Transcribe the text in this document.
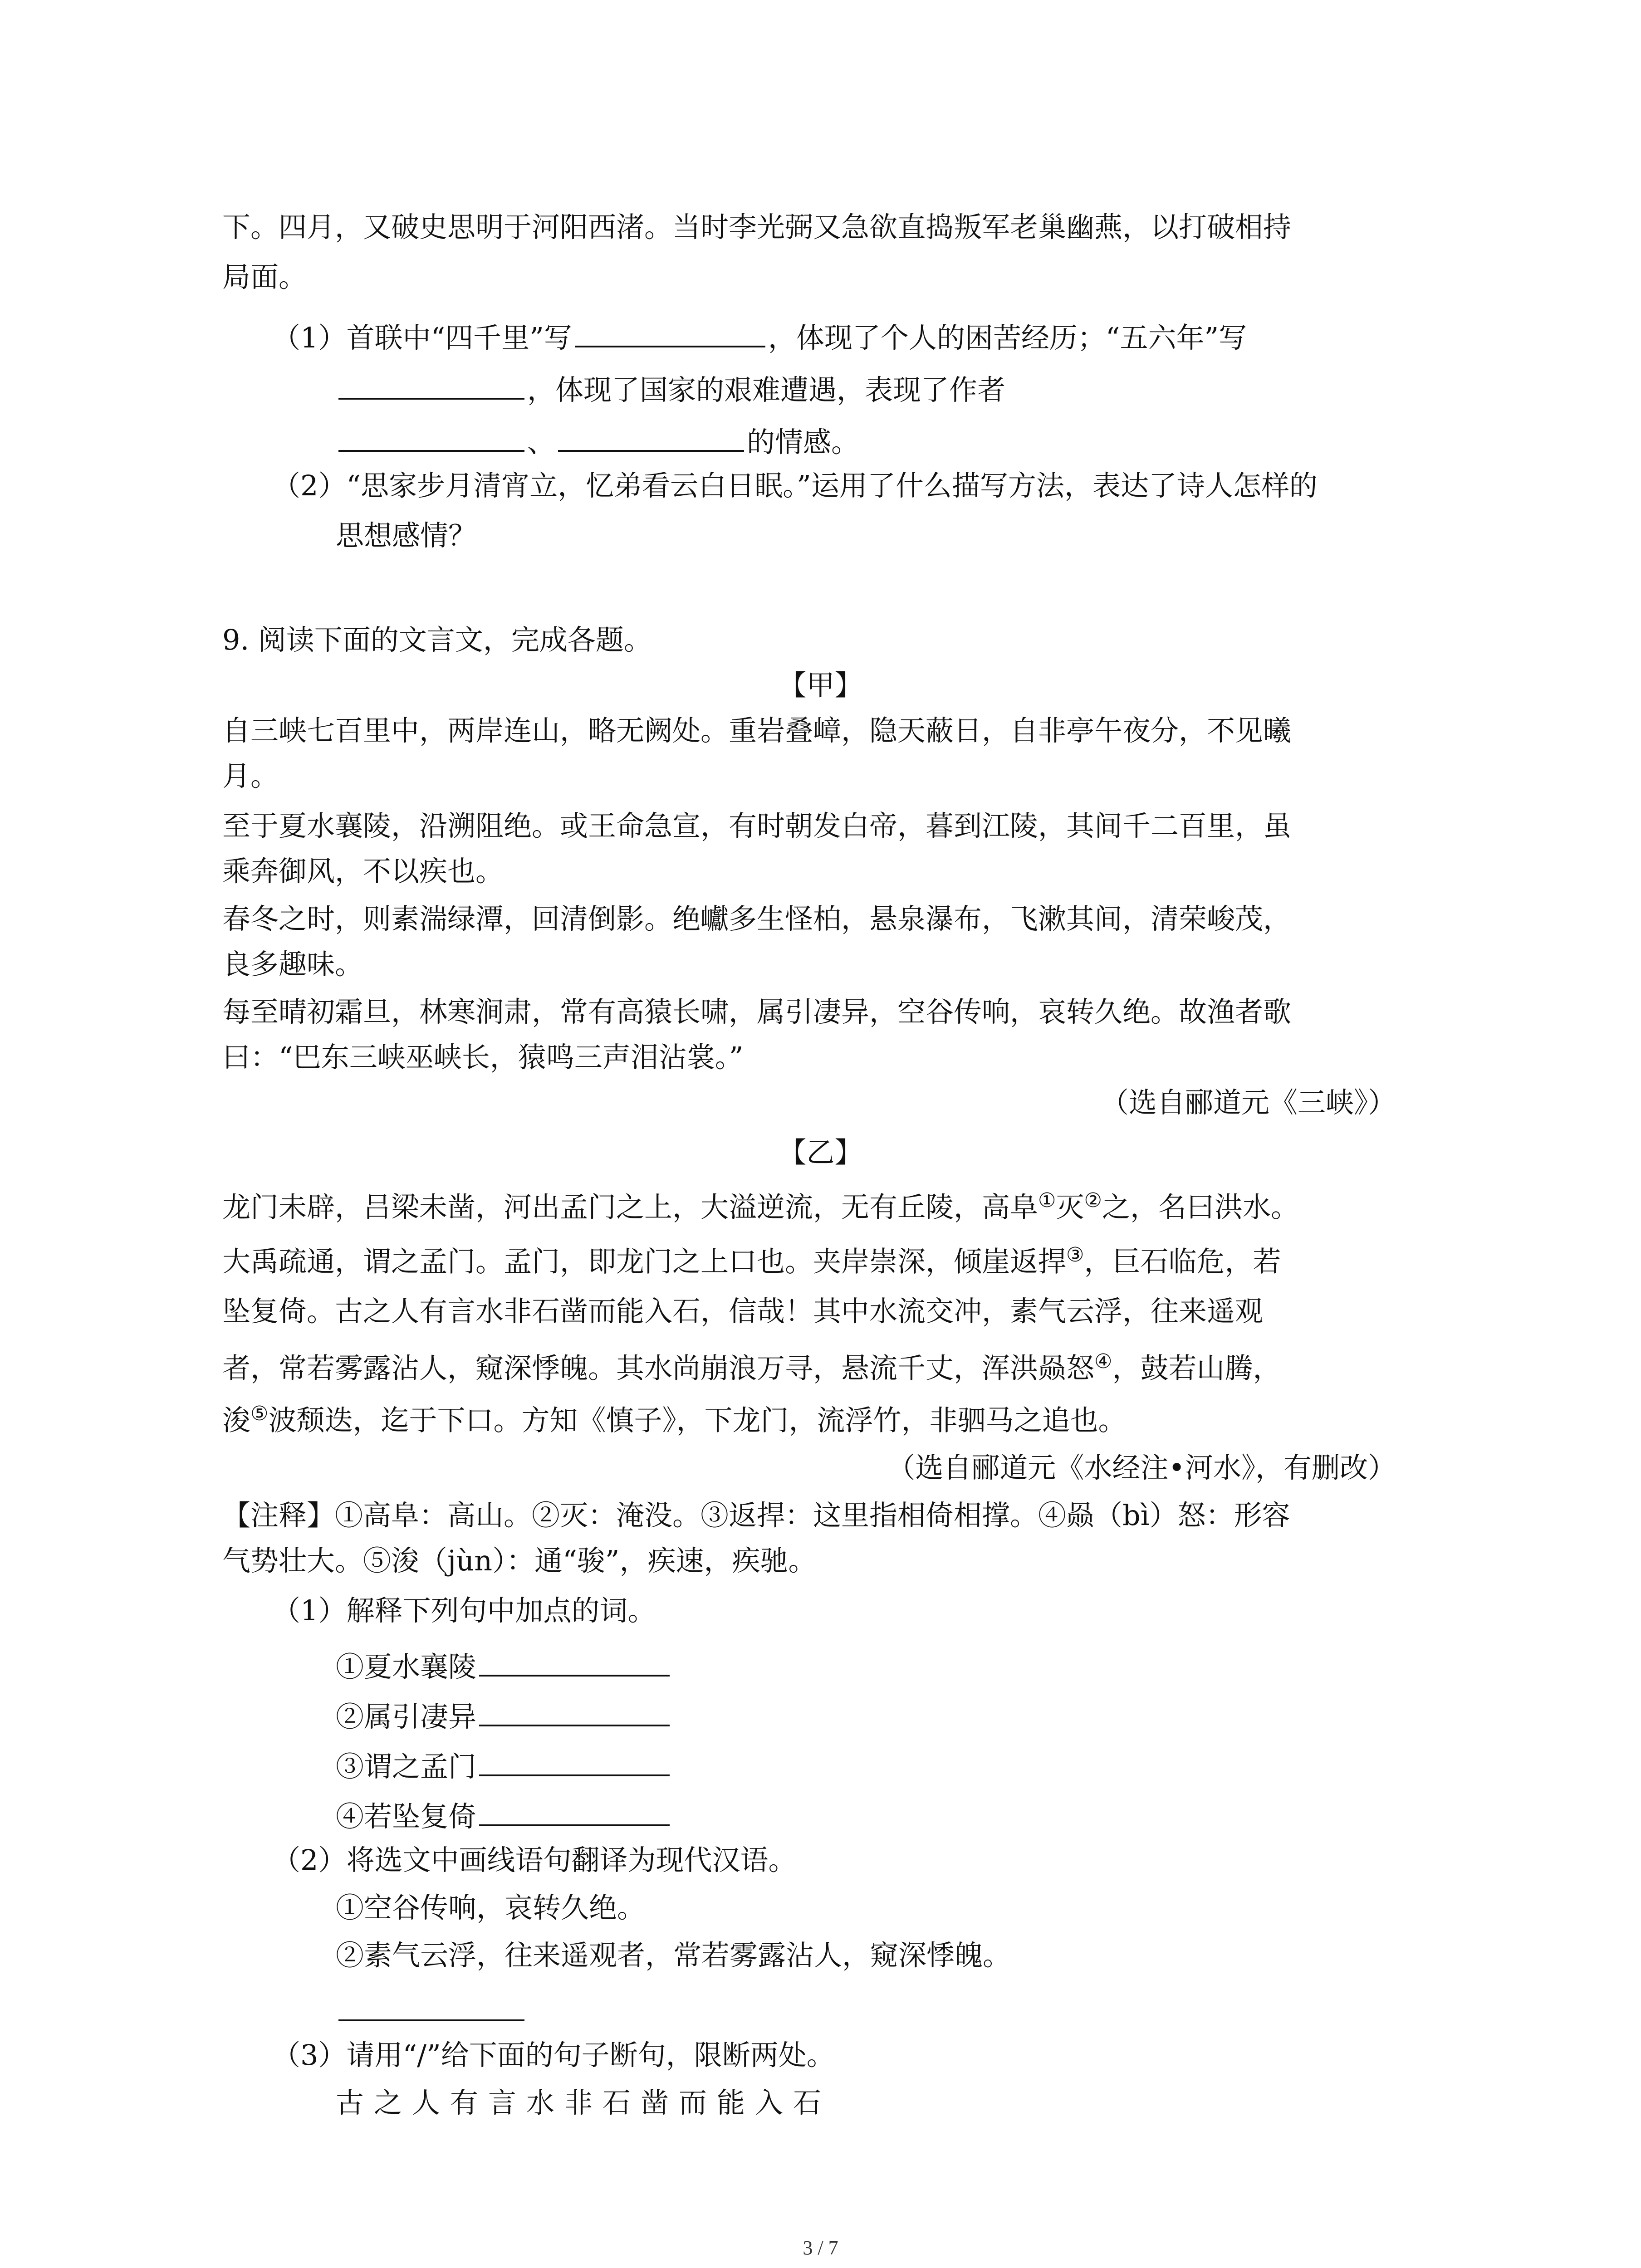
下。四月，又破史思明于河阳西渚。当时李光弼又急欲直捣叛军老巢幽燕，以打破相持
局面。
（1）首联中“四千里”写	，体现了个人的困苦经历；“五六年”写
，体现了国家的艰难遭遇，表现了作者
、	的情感。
（2）“思家步月清宵立，忆弟看云白日眠。”运用了什么描写方法，表达了诗人怎样的
思想感情？
9. 阅读下面的文言文，完成各题。
【甲】
自三峡七百里中，两岸连山，略无阙处。重岩叠嶂，隐天蔽日，自非亭午夜分，不见曦
月。
至于夏水襄陵，沿溯阻绝。或王命急宣，有时朝发白帝，暮到江陵，其间千二百里，虽
乘奔御风，不以疾也。
春冬之时，则素湍绿潭，回清倒影。绝巘多生怪柏，悬泉瀑布，飞漱其间，清荣峻茂，
良多趣味。
每至晴初霜旦，林寒涧肃，常有高猿长啸，属引凄异，空谷传响，哀转久绝。故渔者歌
曰：“巴东三峡巫峡长，猿鸣三声泪沾裳。”
（选自郦道元《三峡》）
【乙】
龙门未辟，吕梁未凿，河出孟门之上，大溢逆流，无有丘陵，高阜①灭②之，名曰洪水。
大禹疏通，谓之孟门。孟门，即龙门之上口也。夹岸崇深，倾崖返捍③，巨石临危，若
坠复倚。古之人有言水非石凿而能入石，信哉！其中水流交冲，素气云浮，往来遥观
者，常若雾露沾人，窥深悸魄。其水尚崩浪万寻，悬流千丈，浑洪赑怒④，鼓若山腾，
浚⑤波颓迭，迄于下口。方知《慎子》，下龙门，流浮竹，非驷马之追也。
（选自郦道元《水经注•河水》，有删改）
【注释】①高阜：高山。②灭：淹没。③返捍：这里指相倚相撑。④赑（bì）怒：形容
气势壮大。⑤浚（jùn）：通“骏”，疾速，疾驰。
（1）解释下列句中加点的词。
①夏水襄陵
②属引凄异
③谓之孟门
④若坠复倚
（2）将选文中画线语句翻译为现代汉语。
①空谷传响，哀转久绝。
②素气云浮，往来遥观者，常若雾露沾人，窥深悸魄。
（3）请用“/”给下面的句子断句，限断两处。
古之人有言水非石凿而能入石
3 / 7
